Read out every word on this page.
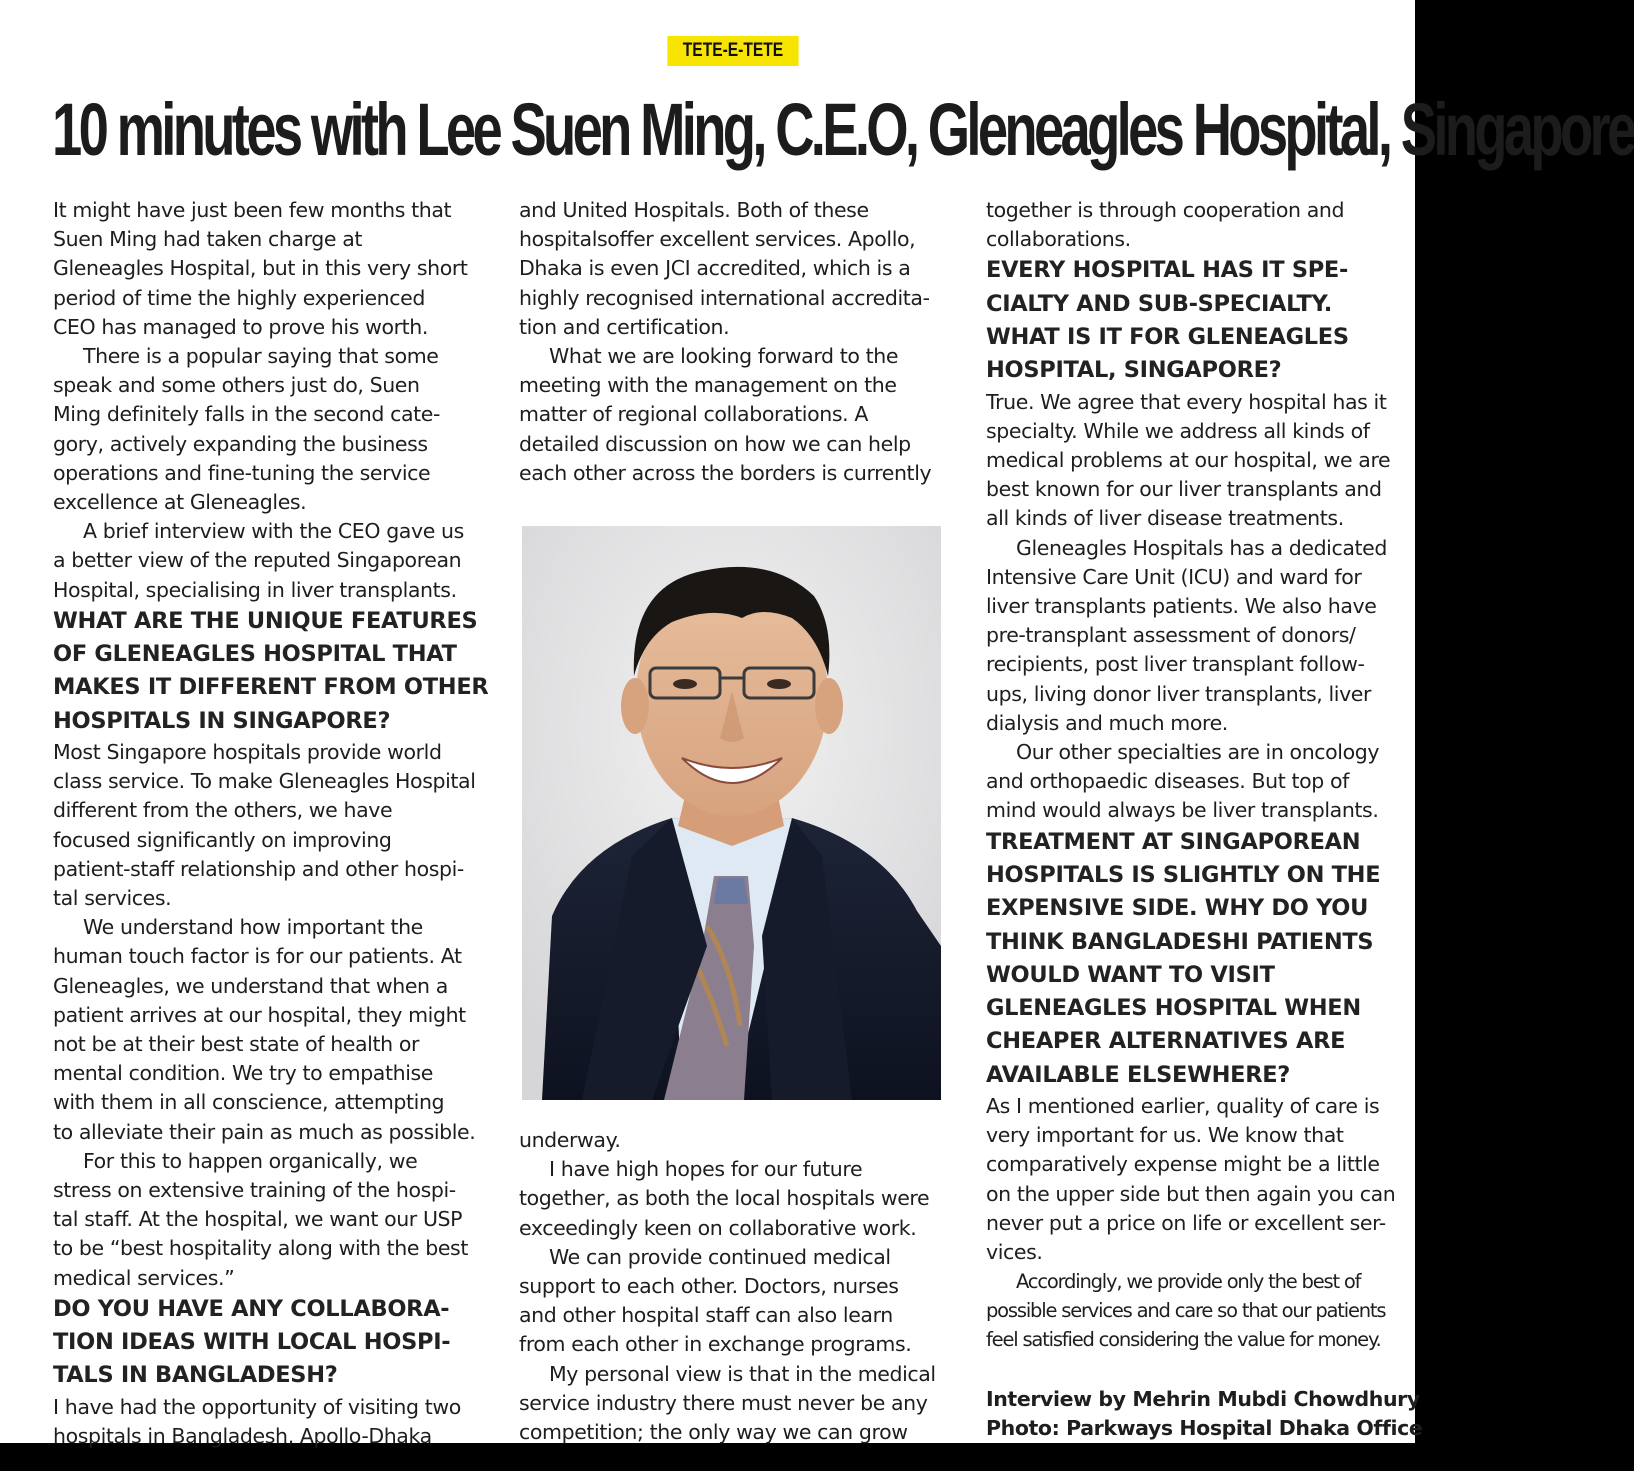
TETE-E-TETE
10 minutes with Lee Suen Ming, C.E.O, Gleneagles Hospital, Singapore

It might have just been few months that

Suen Ming had taken charge at

Gleneagles Hospital, but in this very short

period of time the highly experienced

CEO has managed to prove his worth.

There is a popular saying that some

speak and some others just do, Suen

Ming definitely falls in the second cate-

gory, actively expanding the business

operations and fine-tuning the service

excellence at Gleneagles.

A brief interview with the CEO gave us

a better view of the reputed Singaporean

Hospital, specialising in liver transplants.

WHAT ARE THE UNIQUE FEATURES

OF GLENEAGLES HOSPITAL THAT

MAKES IT DIFFERENT FROM OTHER

HOSPITALS IN SINGAPORE?

Most Singapore hospitals provide world

class service. To make Gleneagles Hospital

different from the others, we have

focused significantly on improving

patient-staff relationship and other hospi-

tal services.

We understand how important the

human touch factor is for our patients. At

Gleneagles, we understand that when a

patient arrives at our hospital, they might

not be at their best state of health or

mental condition. We try to empathise

with them in all conscience, attempting

to alleviate their pain as much as possible.

For this to happen organically, we

stress on extensive training of the hospi-

tal staff. At the hospital, we want our USP

to be “best hospitality along with the best

medical services.”

DO YOU HAVE ANY COLLABORA-

TION IDEAS WITH LOCAL HOSPI-

TALS IN BANGLADESH?

I have had the opportunity of visiting two

hospitals in Bangladesh, Apollo-Dhaka

and United Hospitals. Both of these

hospitalsoffer excellent services. Apollo,

Dhaka is even JCI accredited, which is a

highly recognised international accredita-

tion and certification.

What we are looking forward to the

meeting with the management on the

matter of regional collaborations. A

detailed discussion on how we can help

each other across the borders is currently

underway.

I have high hopes for our future

together, as both the local hospitals were

exceedingly keen on collaborative work.

We can provide continued medical

support to each other. Doctors, nurses

and other hospital staff can also learn

from each other in exchange programs.

My personal view is that in the medical

service industry there must never be any

competition; the only way we can grow

together is through cooperation and

collaborations.

EVERY HOSPITAL HAS IT SPE-

CIALTY AND SUB-SPECIALTY.

WHAT IS IT FOR GLENEAGLES

HOSPITAL, SINGAPORE?

True. We agree that every hospital has it

specialty. While we address all kinds of

medical problems at our hospital, we are

best known for our liver transplants and

all kinds of liver disease treatments.

Gleneagles Hospitals has a dedicated

Intensive Care Unit (ICU) and ward for

liver transplants patients. We also have

pre-transplant assessment of donors/

recipients, post liver transplant follow-

ups, living donor liver transplants, liver

dialysis and much more.

Our other specialties are in oncology

and orthopaedic diseases. But top of

mind would always be liver transplants.

TREATMENT AT SINGAPOREAN

HOSPITALS IS SLIGHTLY ON THE

EXPENSIVE SIDE. WHY DO YOU

THINK BANGLADESHI PATIENTS

WOULD WANT TO VISIT

GLENEAGLES HOSPITAL WHEN

CHEAPER ALTERNATIVES ARE

AVAILABLE ELSEWHERE?

As I mentioned earlier, quality of care is

very important for us. We know that

comparatively expense might be a little

on the upper side but then again you can

never put a price on life or excellent ser-

vices.

Accordingly, we provide only the best of

possible services and care so that our patients

feel satisfied considering the value for money.

Interview by Mehrin Mubdi Chowdhury

Photo: Parkways Hospital Dhaka Office
